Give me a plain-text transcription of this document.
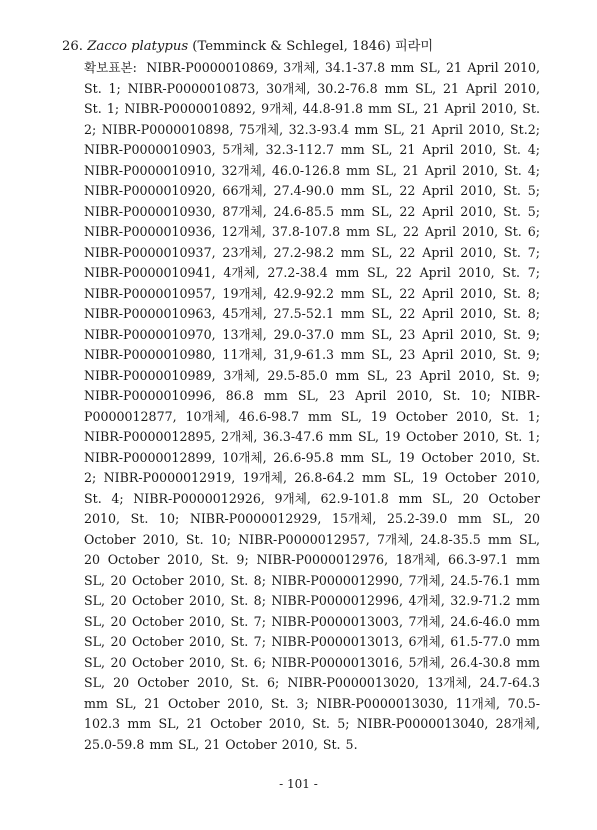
26. Zacco platypus (Temminck & Schlegel, 1846) 피라미
확보표본: NIBR-P0000010869, 3개체, 34.1-37.8 mm SL, 21 April 2010, St. 1; NIBR-P0000010873, 30개체, 30.2-76.8 mm SL, 21 April 2010, St. 1; NIBR-P0000010892, 9개체, 44.8-91.8 mm SL, 21 April 2010, St. 2; NIBR-P0000010898, 75개체, 32.3-93.4 mm SL, 21 April 2010, St.2; NIBR-P0000010903, 5개체, 32.3-112.7 mm SL, 21 April 2010, St. 4; NIBR-P0000010910, 32개체, 46.0-126.8 mm SL, 21 April 2010, St. 4; NIBR-P0000010920, 66개체, 27.4-90.0 mm SL, 22 April 2010, St. 5; NIBR-P0000010930, 87개체, 24.6-85.5 mm SL, 22 April 2010, St. 5; NIBR-P0000010936, 12개체, 37.8-107.8 mm SL, 22 April 2010, St. 6; NIBR-P0000010937, 23개체, 27.2-98.2 mm SL, 22 April 2010, St. 7; NIBR-P0000010941, 4개체, 27.2-38.4 mm SL, 22 April 2010, St. 7; NIBR-P0000010957, 19개체, 42.9-92.2 mm SL, 22 April 2010, St. 8; NIBR-P0000010963, 45개체, 27.5-52.1 mm SL, 22 April 2010, St. 8; NIBR-P0000010970, 13개체, 29.0-37.0 mm SL, 23 April 2010, St. 9; NIBR-P0000010980, 11개체, 31,9-61.3 mm SL, 23 April 2010, St. 9; NIBR-P0000010989, 3개체, 29.5-85.0 mm SL, 23 April 2010, St. 9; NIBR-P0000010996, 86.8 mm SL, 23 April 2010, St. 10; NIBR-P0000012877, 10개체, 46.6-98.7 mm SL, 19 October 2010, St. 1; NIBR-P0000012895, 2개체, 36.3-47.6 mm SL, 19 October 2010, St. 1; NIBR-P0000012899, 10개체, 26.6-95.8 mm SL, 19 October 2010, St. 2; NIBR-P0000012919, 19개체, 26.8-64.2 mm SL, 19 October 2010, St. 4; NIBR-P0000012926, 9개체, 62.9-101.8 mm SL, 20 October 2010, St. 10; NIBR-P0000012929, 15개체, 25.2-39.0 mm SL, 20 October 2010, St. 10; NIBR-P0000012957, 7개체, 24.8-35.5 mm SL, 20 October 2010, St. 9; NIBR-P0000012976, 18개체, 66.3-97.1 mm SL, 20 October 2010, St. 8; NIBR-P0000012990, 7개체, 24.5-76.1 mm SL, 20 October 2010, St. 8; NIBR-P0000012996, 4개체, 32.9-71.2 mm SL, 20 October 2010, St. 7; NIBR-P0000013003, 7개체, 24.6-46.0 mm SL, 20 October 2010, St. 7; NIBR-P0000013013, 6개체, 61.5-77.0 mm SL, 20 October 2010, St. 6; NIBR-P0000013016, 5개체, 26.4-30.8 mm SL, 20 October 2010, St. 6; NIBR-P0000013020, 13개체, 24.7-64.3 mm SL, 21 October 2010, St. 3; NIBR-P0000013030, 11개체, 70.5-102.3 mm SL, 21 October 2010, St. 5; NIBR-P0000013040, 28개체, 25.0-59.8 mm SL, 21 October 2010, St. 5.
- 101 -
